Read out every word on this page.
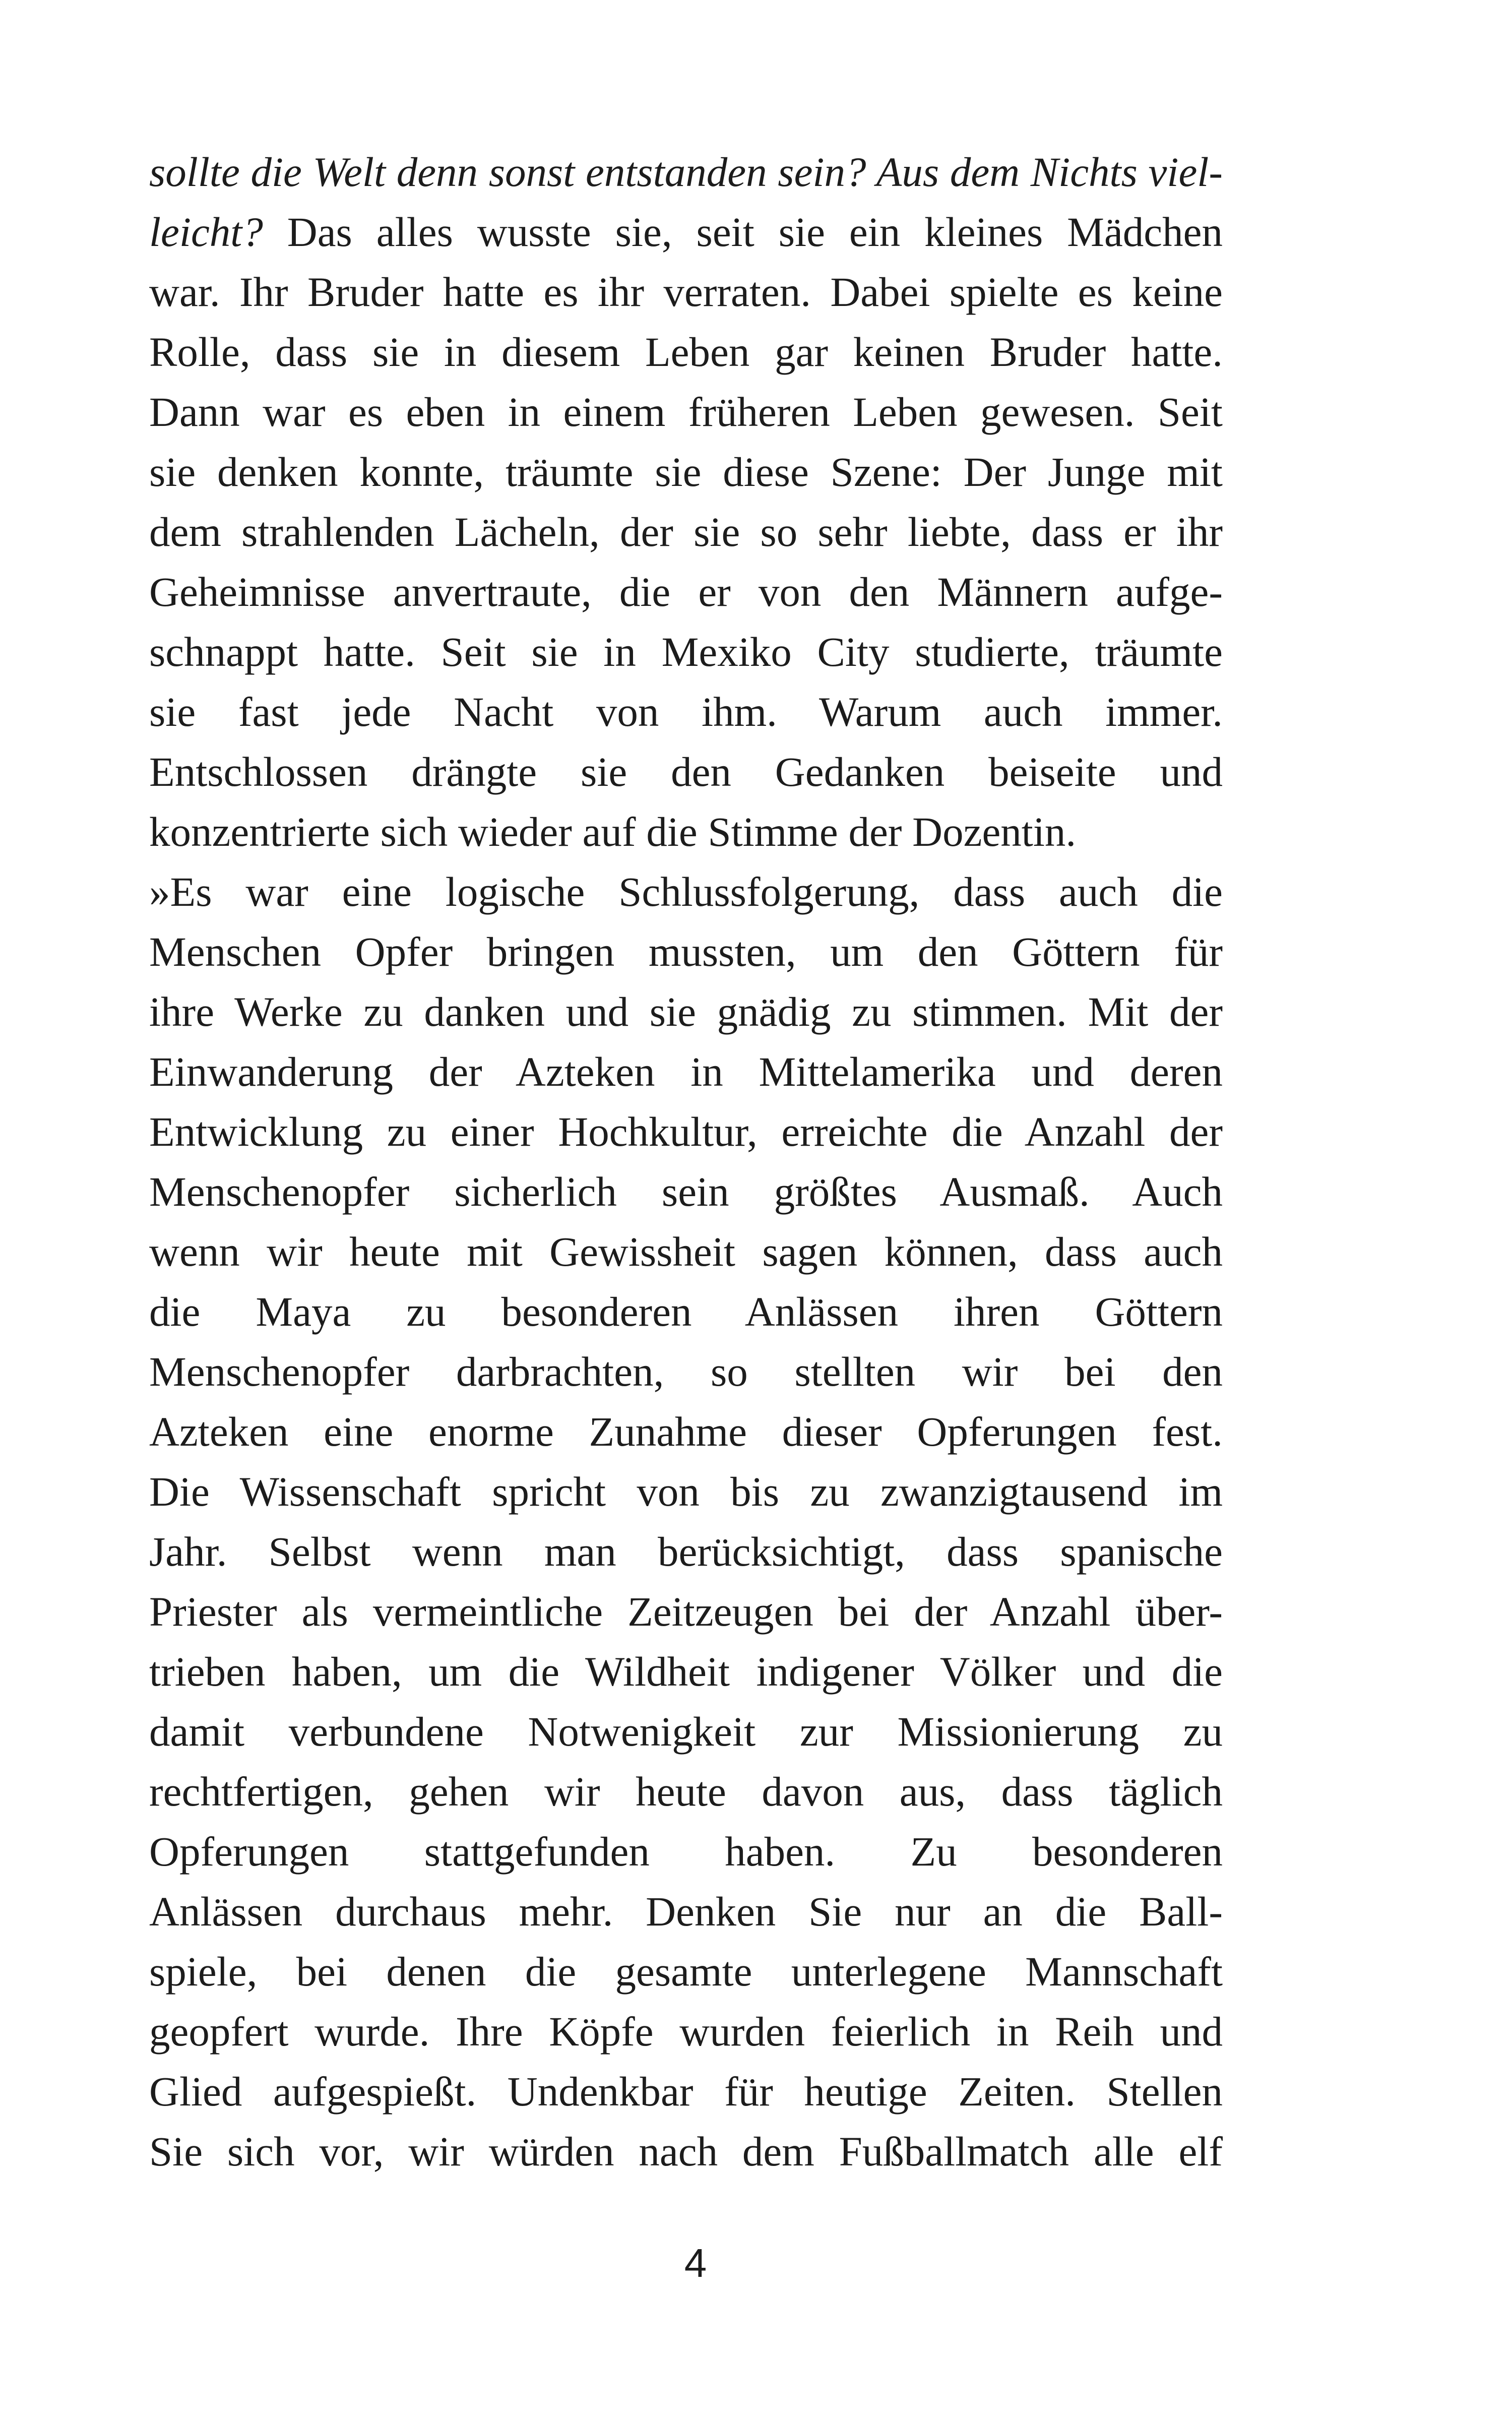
sollte die Welt denn sonst entstanden sein? Aus dem Nichts viel-
leicht? Das alles wusste sie, seit sie ein kleines Mädchen
war. Ihr Bruder hatte es ihr verraten. Dabei spielte es keine
Rolle, dass sie in diesem Leben gar keinen Bruder hatte.
Dann war es eben in einem früheren Leben gewesen. Seit
sie denken konnte, träumte sie diese Szene: Der Junge mit
dem strahlenden Lächeln, der sie so sehr liebte, dass er ihr
Geheimnisse anvertraute, die er von den Männern aufge-
schnappt hatte. Seit sie in Mexiko City studierte, träumte
sie fast jede Nacht von ihm. Warum auch immer.
Entschlossen drängte sie den Gedanken beiseite und
konzentrierte sich wieder auf die Stimme der Dozentin.
»Es war eine logische Schlussfolgerung, dass auch die
Menschen Opfer bringen mussten, um den Göttern für
ihre Werke zu danken und sie gnädig zu stimmen. Mit der
Einwanderung der Azteken in Mittelamerika und deren
Entwicklung zu einer Hochkultur, erreichte die Anzahl der
Menschenopfer sicherlich sein größtes Ausmaß. Auch
wenn wir heute mit Gewissheit sagen können, dass auch
die Maya zu besonderen Anlässen ihren Göttern
Menschenopfer darbrachten, so stellten wir bei den
Azteken eine enorme Zunahme dieser Opferungen fest.
Die Wissenschaft spricht von bis zu zwanzigtausend im
Jahr. Selbst wenn man berücksichtigt, dass spanische
Priester als vermeintliche Zeitzeugen bei der Anzahl über-
trieben haben, um die Wildheit indigener Völker und die
damit verbundene Notwenigkeit zur Missionierung zu
rechtfertigen, gehen wir heute davon aus, dass täglich
Opferungen stattgefunden haben. Zu besonderen
Anlässen durchaus mehr. Denken Sie nur an die Ball-
spiele, bei denen die gesamte unterlegene Mannschaft
geopfert wurde. Ihre Köpfe wurden feierlich in Reih und
Glied aufgespießt. Undenkbar für heutige Zeiten. Stellen
Sie sich vor, wir würden nach dem Fußballmatch alle elf
4
